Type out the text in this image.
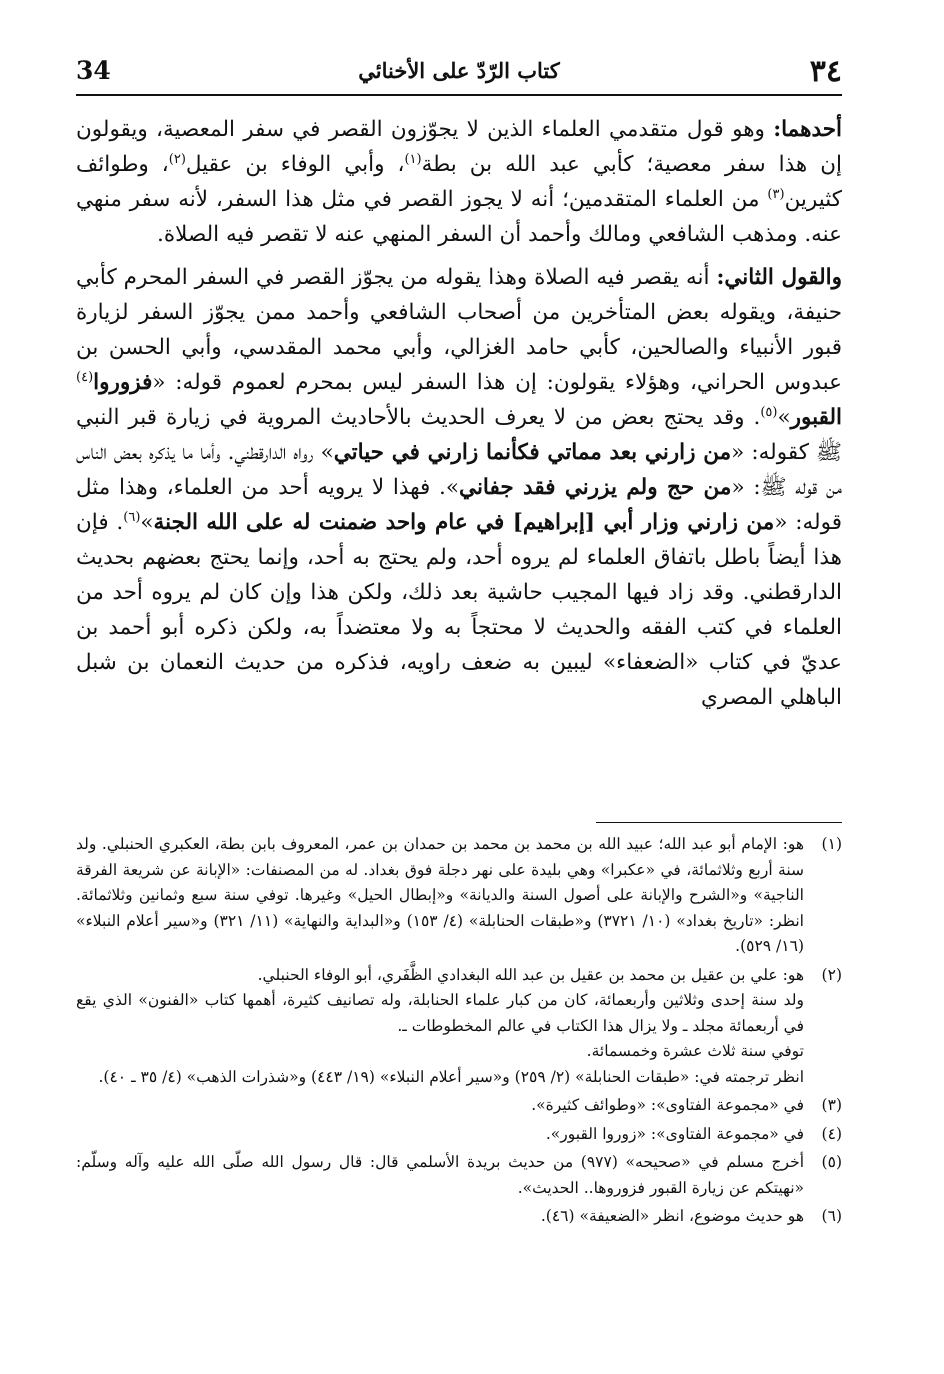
٣٤
كتاب الرّدّ على الأخنائي
34

أحدهما: وهو قول متقدمي العلماء الذين لا يجوّزون القصر في سفر المعصية، ويقولون إن هذا سفر معصية؛ كأبي عبد الله بن بطة$^{(١)}$، وأبي الوفاء بن عقيل$^{(٢)}$، وطوائف كثيرين$^{(٣)}$ من العلماء المتقدمين؛ أنه لا يجوز القصر في مثل هذا السفر، لأنه سفر منهي عنه. ومذهب الشافعي ومالك وأحمد أن السفر المنهي عنه لا تقصر فيه الصلاة.

والقول الثاني: أنه يقصر فيه الصلاة وهذا يقوله من يجوّز القصر في السفر المحرم كأبي حنيفة، ويقوله بعض المتأخرين من أصحاب الشافعي وأحمد ممن يجوّز السفر لزيارة قبور الأنبياء والصالحين، كأبي حامد الغزالي، وأبي محمد المقدسي، وأبي الحسن بن عبدوس الحراني، وهؤلاء يقولون: إن هذا السفر ليس بمحرم لعموم قوله: «فزوروا$^{(٤)}$ القبور»$^{(٥)}$. وقد يحتج بعض من لا يعرف الحديث بالأحاديث المروية في زيارة قبر النبي ﷺ كقوله: «من زارني بعد مماتي فكأنما زارني في حياتي» رواه الدارقطني. وأما ما يذكره بعض الناس من قوله ﷺ: «من حج ولم يزرني فقد جفاني». فهذا لا يرويه أحد من العلماء، وهذا مثل قوله: «من زارني وزار أبي [إبراهيم] في عام واحد ضمنت له على الله الجنة»$^{(٦)}$. فإن هذا أيضاً باطل باتفاق العلماء لم يروه أحد، ولم يحتج به أحد، وإنما يحتج بعضهم بحديث الدارقطني. وقد زاد فيها المجيب حاشية بعد ذلك، ولكن هذا وإن كان لم يروه أحد من العلماء في كتب الفقه والحديث لا محتجاً به ولا معتضداً به، ولكن ذكره أبو أحمد بن عديّ في كتاب «الضعفاء» ليبين به ضعف راويه، فذكره من حديث النعمان بن شبل الباهلي المصري

(١)
هو: الإمام أبو عبد الله؛ عبيد الله بن محمد بن محمد بن حمدان بن عمر، المعروف بابن بطة، العكبري الحنبلي. ولد سنة أربع وثلاثمائة، في «عكبرا» وهي بليدة على نهر دجلة فوق بغداد. له من المصنفات: «الإبانة عن شريعة الفرقة الناجية» و«الشرح والإبانة على أصول السنة والديانة» و«إبطال الحيل» وغيرها. توفي سنة سبع وثمانين وثلاثمائة. انظر: «تاريخ بغداد» (١٠/ ٣٧٢١) و«طبقات الحنابلة» (٤/ ١٥٣) و«البداية والنهاية» (١١/ ٣٢١) و«سير أعلام النبلاء» (١٦/ ٥٢٩).
(٢)
هو: علي بن عقيل بن محمد بن عقيل بن عبد الله البغدادي الظَّفَري، أبو الوفاء الحنبلي.
ولد سنة إحدى وثلاثين وأربعمائة، كان من كبار علماء الحنابلة، وله تصانيف كثيرة، أهمها كتاب «الفنون» الذي يقع في أربعمائة مجلد ـ ولا يزال هذا الكتاب في عالم المخطوطات ـ.
توفي سنة ثلاث عشرة وخمسمائة.
انظر ترجمته في: «طبقات الحنابلة» (٢/ ٢٥٩) و«سير أعلام النبلاء» (١٩/ ٤٤٣) و«شذرات الذهب» (٤/ ٣٥ ـ ٤٠).
(٣)
في «مجموعة الفتاوى»: «وطوائف كثيرة».
(٤)
في «مجموعة الفتاوى»: «زوروا القبور».
(٥)
أخرج مسلم في «صحيحه» (٩٧٧) من حديث بريدة الأسلمي قال: قال رسول الله صلّى الله عليه وآله وسلّم: «نهيتكم عن زيارة القبور فزوروها.. الحديث».
(٦)
هو حديث موضوع، انظر «الضعيفة» (٤٦).
